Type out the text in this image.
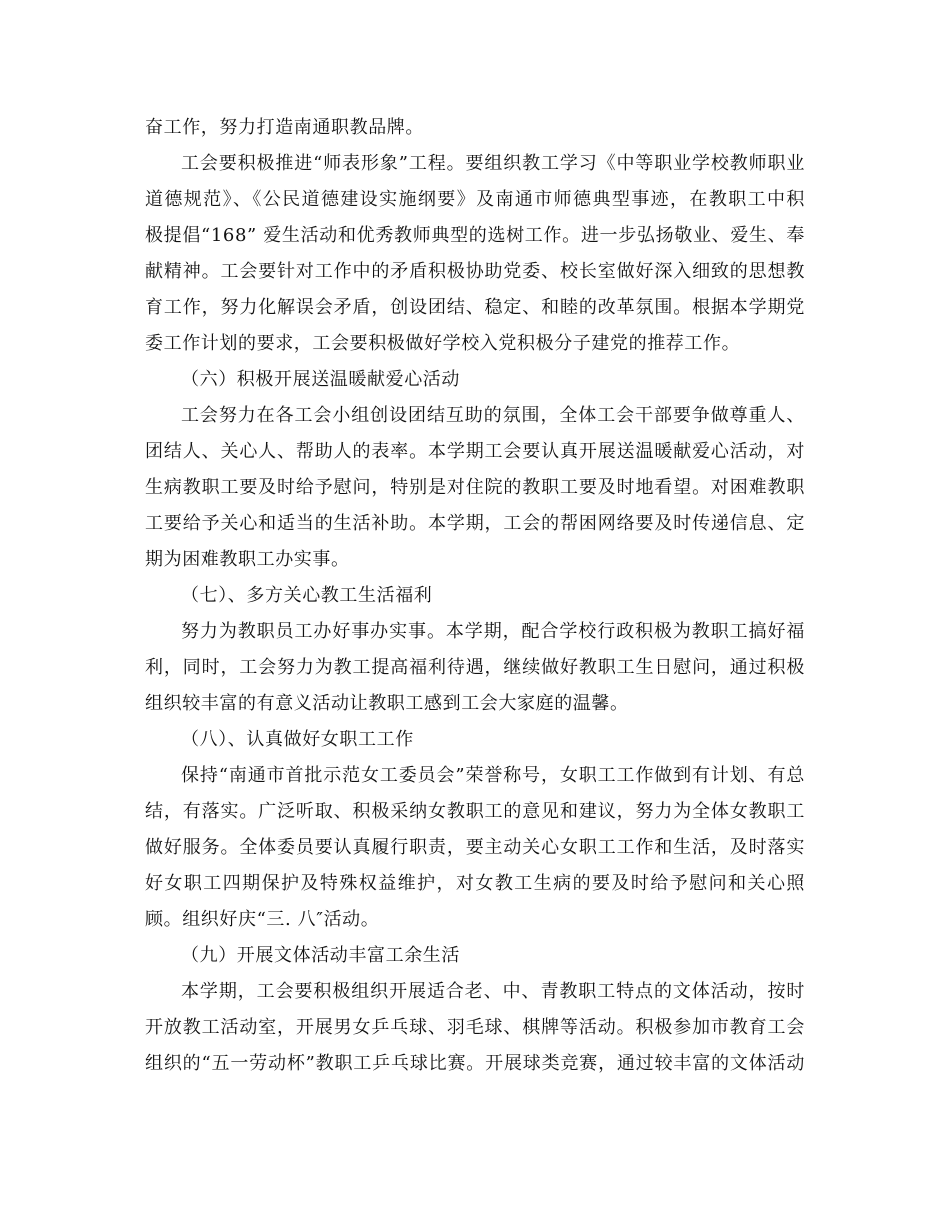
奋工作，努力打造南通职教品牌。

工会要积极推进“师表形象”工程。要组织教工学习《中等职业学校教师职业

道德规范》、《公民道德建设实施纲要》及南通市师德典型事迹，在教职工中积

极提倡“168” 爱生活动和优秀教师典型的选树工作。进一步弘扬敬业、爱生、奉

献精神。工会要针对工作中的矛盾积极协助党委、校长室做好深入细致的思想教

育工作，努力化解误会矛盾，创设团结、稳定、和睦的改革氛围。根据本学期党

委工作计划的要求，工会要积极做好学校入党积极分子建党的推荐工作。

（六）积极开展送温暖献爱心活动

工会努力在各工会小组创设团结互助的氛围，全体工会干部要争做尊重人、

团结人、关心人、帮助人的表率。本学期工会要认真开展送温暖献爱心活动，对

生病教职工要及时给予慰问，特别是对住院的教职工要及时地看望。对困难教职

工要给予关心和适当的生活补助。本学期，工会的帮困网络要及时传递信息、定

期为困难教职工办实事。

（七）、多方关心教工生活福利

努力为教职员工办好事办实事。本学期，配合学校行政积极为教职工搞好福

利，同时，工会努力为教工提高福利待遇，继续做好教职工生日慰问，通过积极

组织较丰富的有意义活动让教职工感到工会大家庭的温馨。

（八）、认真做好女职工工作

保持“南通市首批示范女工委员会”荣誉称号，女职工工作做到有计划、有总

结，有落实。广泛听取、积极采纳女教职工的意见和建议，努力为全体女教职工

做好服务。全体委员要认真履行职责，要主动关心女职工工作和生活，及时落实

好女职工四期保护及特殊权益维护，对女教工生病的要及时给予慰问和关心照

顾。组织好庆“三. 八″活动。

（九）开展文体活动丰富工余生活

本学期，工会要积极组织开展适合老、中、青教职工特点的文体活动，按时

开放教工活动室，开展男女乒乓球、羽毛球、棋牌等活动。积极参加市教育工会

组织的“五一劳动杯”教职工乒乓球比赛。开展球类竞赛，通过较丰富的文体活动
